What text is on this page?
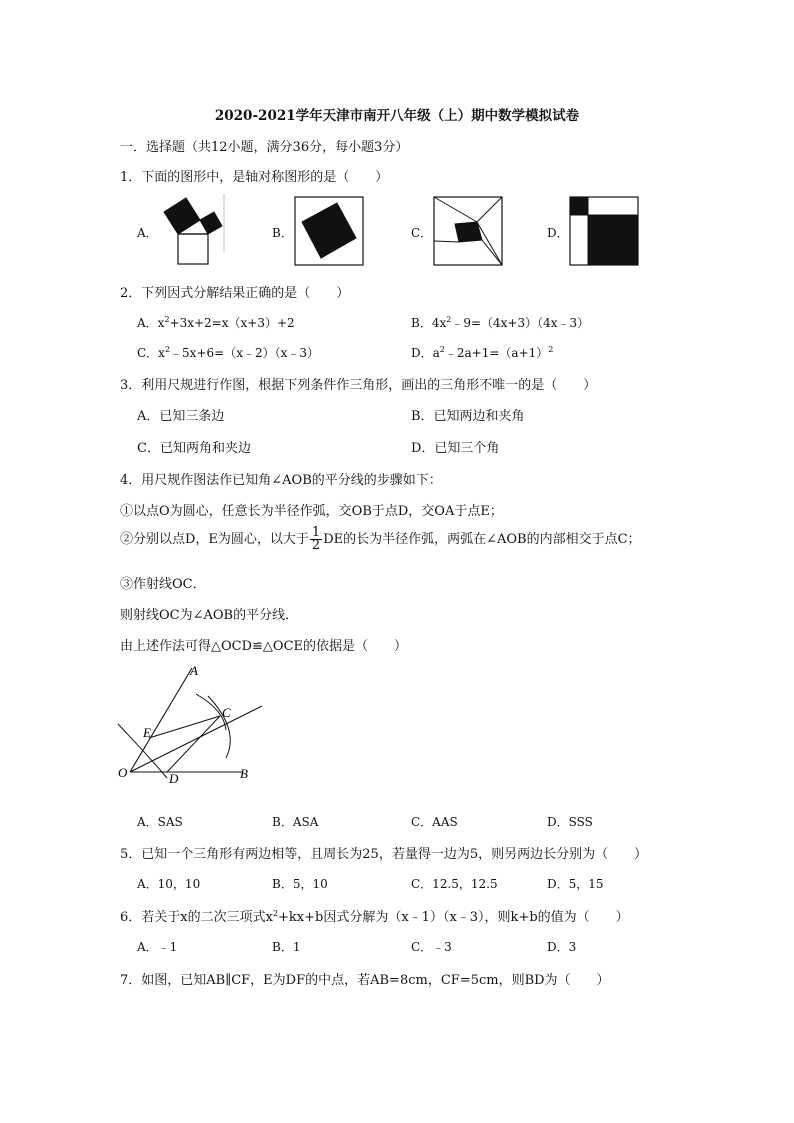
2020-2021学年天津市南开八年级（上）期中数学模拟试卷
一．选择题（共12小题，满分36分，每小题3分）
1．下面的图形中，是轴对称图形的是（　　）
A．	B．	C．	D．
2．下列因式分解结果正确的是（　　）
A．$x^2+3x+2=x(x+3)+2$	B．$4x^2﹣9=(4x+3)(4x﹣3)$
C．$x^2﹣5x+6=(x﹣2)(x﹣3)$	D．$a^2﹣2a+1=(a+1)^2$
3．利用尺规进行作图，根据下列条件作三角形，画出的三角形不唯一的是（　　）
A．已知三条边	B．已知两边和夹角
C．已知两角和夹边	D．已知三个角
4．用尺规作图法作已知角∠AOB的平分线的步骤如下：
①以点O为圆心，任意长为半径作弧，交OB于点D，交OA于点E；
②分别以点D，E为圆心，以大于 $\frac{1}{2}$ DE的长为半径作弧，两弧在∠AOB的内部相交于点C；
③作射线OC．
则射线OC为∠AOB的平分线．
由上述作法可得△OCD≌△OCE的依据是（　　）
A
C
E
O	D	B
A．SAS	B．ASA	C．AAS	D．SSS
5．已知一个三角形有两边相等，且周长为25，若量得一边为5，则另两边长分别为（　　）
A．10，10	B．5，10	C．12.5，12.5	D．5，15
6．若关于x的二次三项式$x^2+kx+b$因式分解为（x﹣1）（x﹣3），则k+b的值为（　　）
A．﹣1	B．1	C．﹣3	D．3
7．如图，已知AB∥CF，E为DF的中点，若AB=8cm，CF=5cm，则BD为（　　）
